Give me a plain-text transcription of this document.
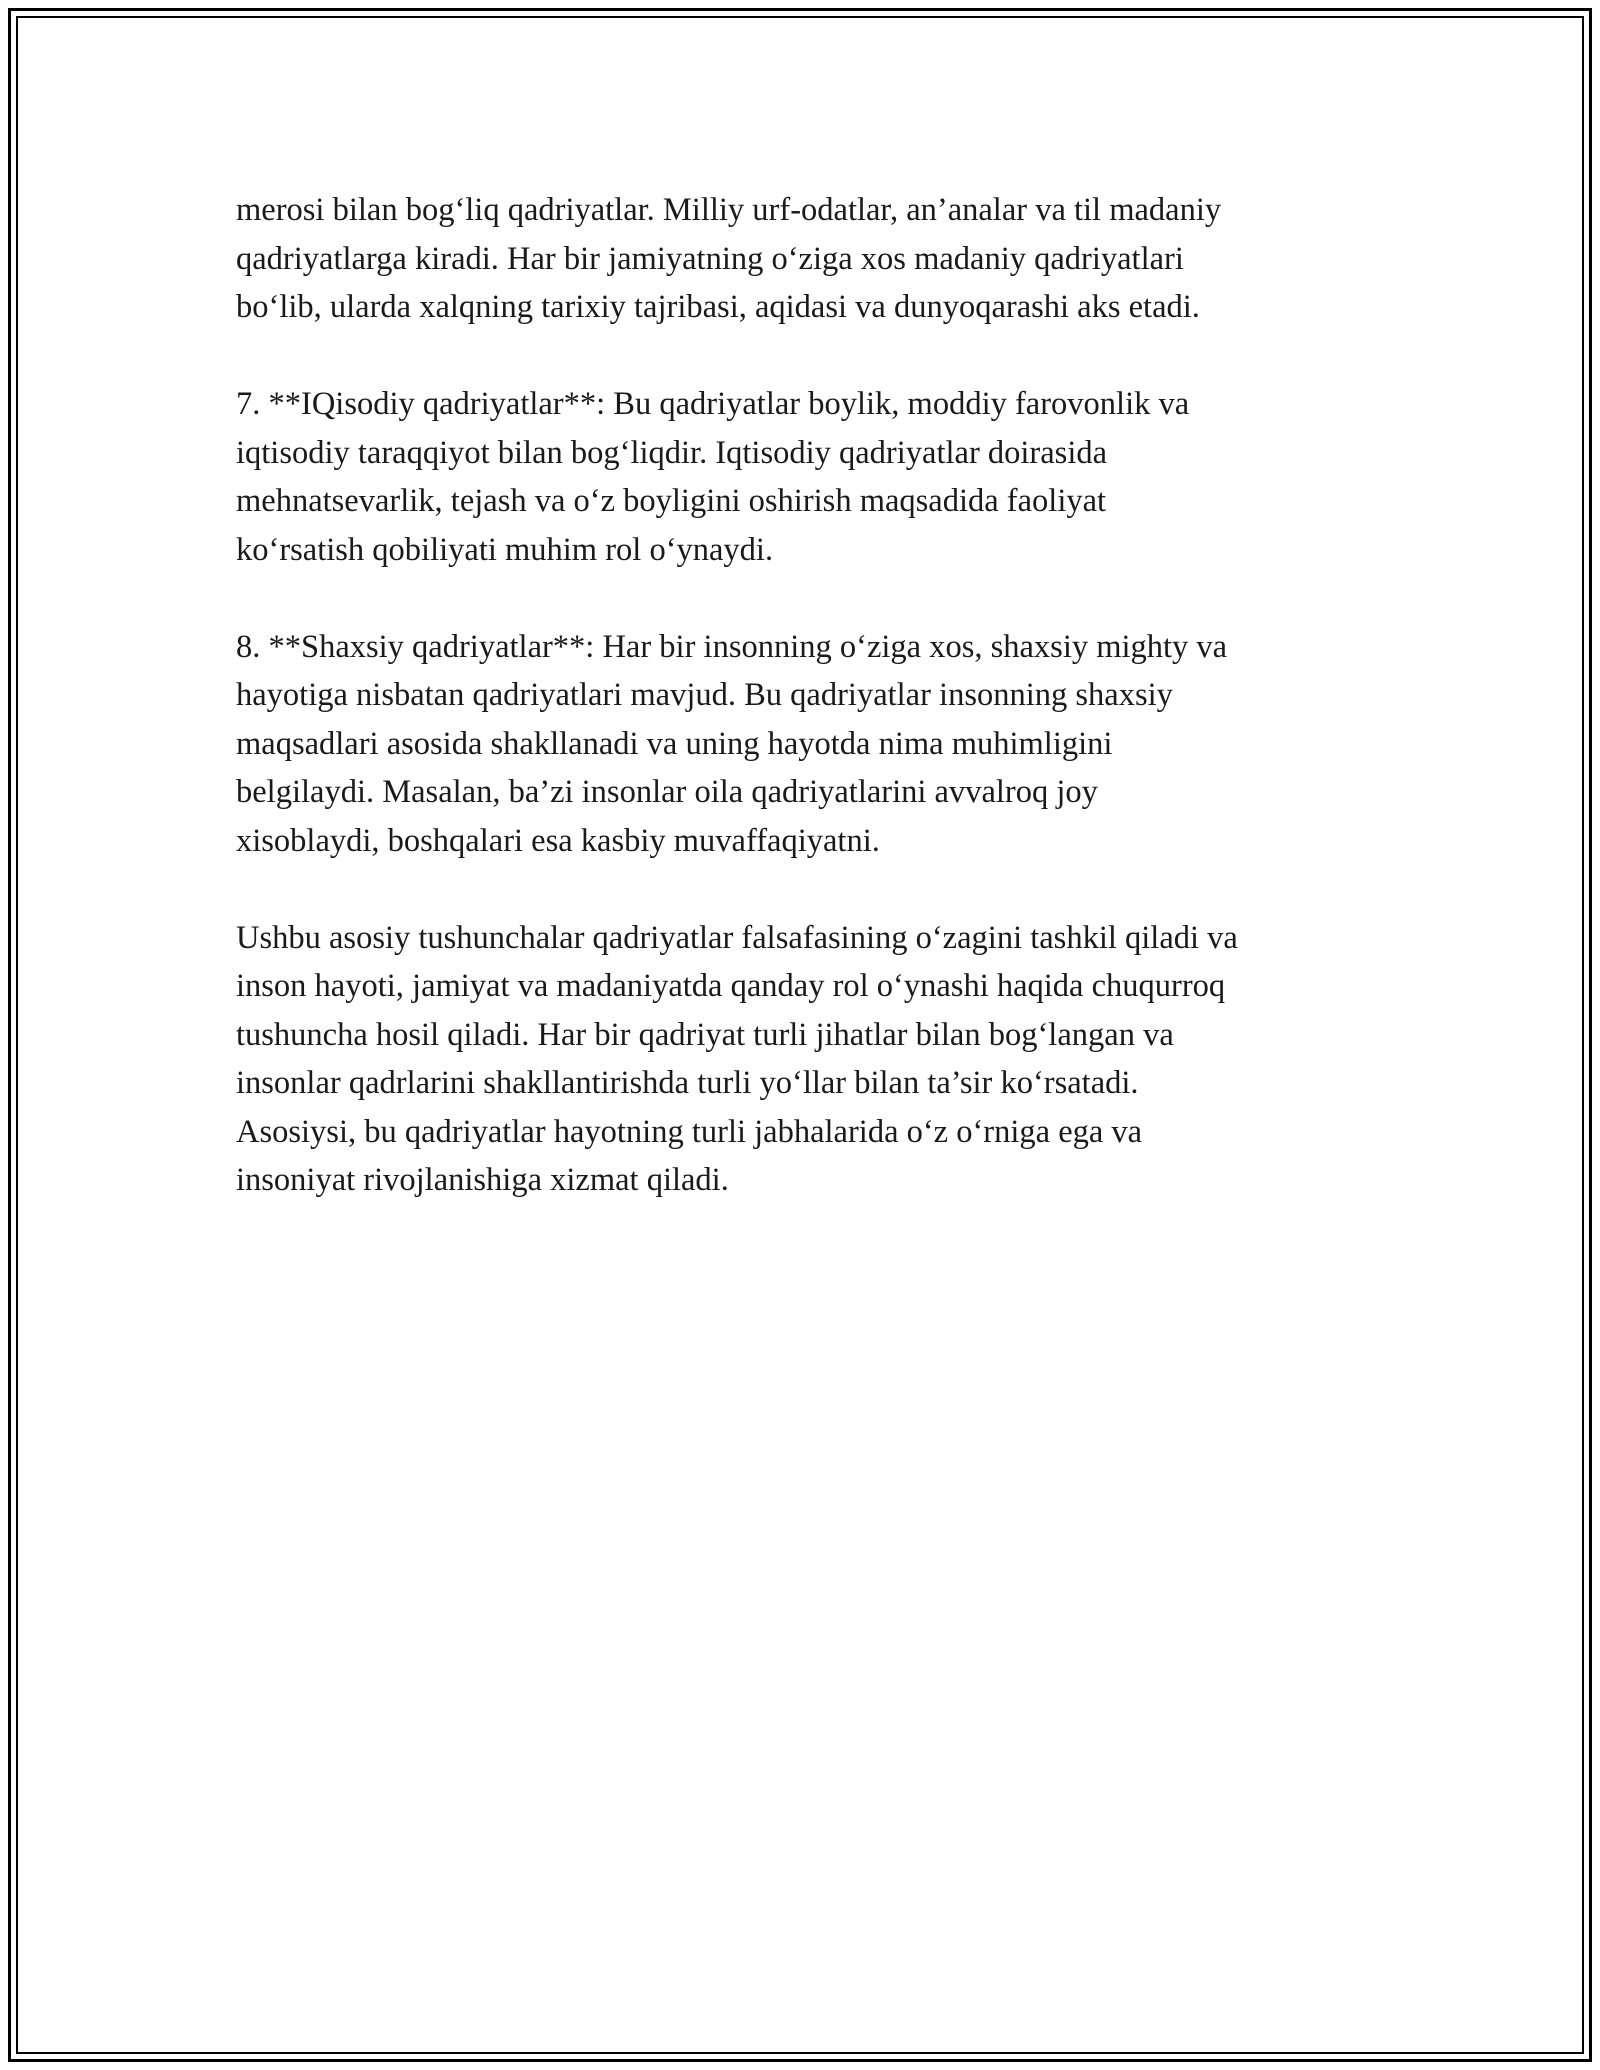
merosi bilan bog‘liq qadriyatlar. Milliy urf-odatlar, an’analar va til madaniy
qadriyatlarga kiradi. Har bir jamiyatning o‘ziga xos madaniy qadriyatlari
bo‘lib, ularda xalqning tarixiy tajribasi, aqidasi va dunyoqarashi aks etadi.

7. **IQisodiy qadriyatlar**: Bu qadriyatlar boylik, moddiy farovonlik va
iqtisodiy taraqqiyot bilan bog‘liqdir. Iqtisodiy qadriyatlar doirasida
mehnatsevarlik, tejash va o‘z boyligini oshirish maqsadida faoliyat
ko‘rsatish qobiliyati muhim rol o‘ynaydi.

8. **Shaxsiy qadriyatlar**: Har bir insonning o‘ziga xos, shaxsiy mighty va
hayotiga nisbatan qadriyatlari mavjud. Bu qadriyatlar insonning shaxsiy
maqsadlari asosida shakllanadi va uning hayotda nima muhimligini
belgilaydi. Masalan, ba’zi insonlar oila qadriyatlarini avvalroq joy
xisoblaydi, boshqalari esa kasbiy muvaffaqiyatni.

Ushbu asosiy tushunchalar qadriyatlar falsafasining o‘zagini tashkil qiladi va
inson hayoti, jamiyat va madaniyatda qanday rol o‘ynashi haqida chuqurroq
tushuncha hosil qiladi. Har bir qadriyat turli jihatlar bilan bog‘langan va
insonlar qadrlarini shakllantirishda turli yo‘llar bilan ta’sir ko‘rsatadi.
Asosiysi, bu qadriyatlar hayotning turli jabhalarida o‘z o‘rniga ega va
insoniyat rivojlanishiga xizmat qiladi.
